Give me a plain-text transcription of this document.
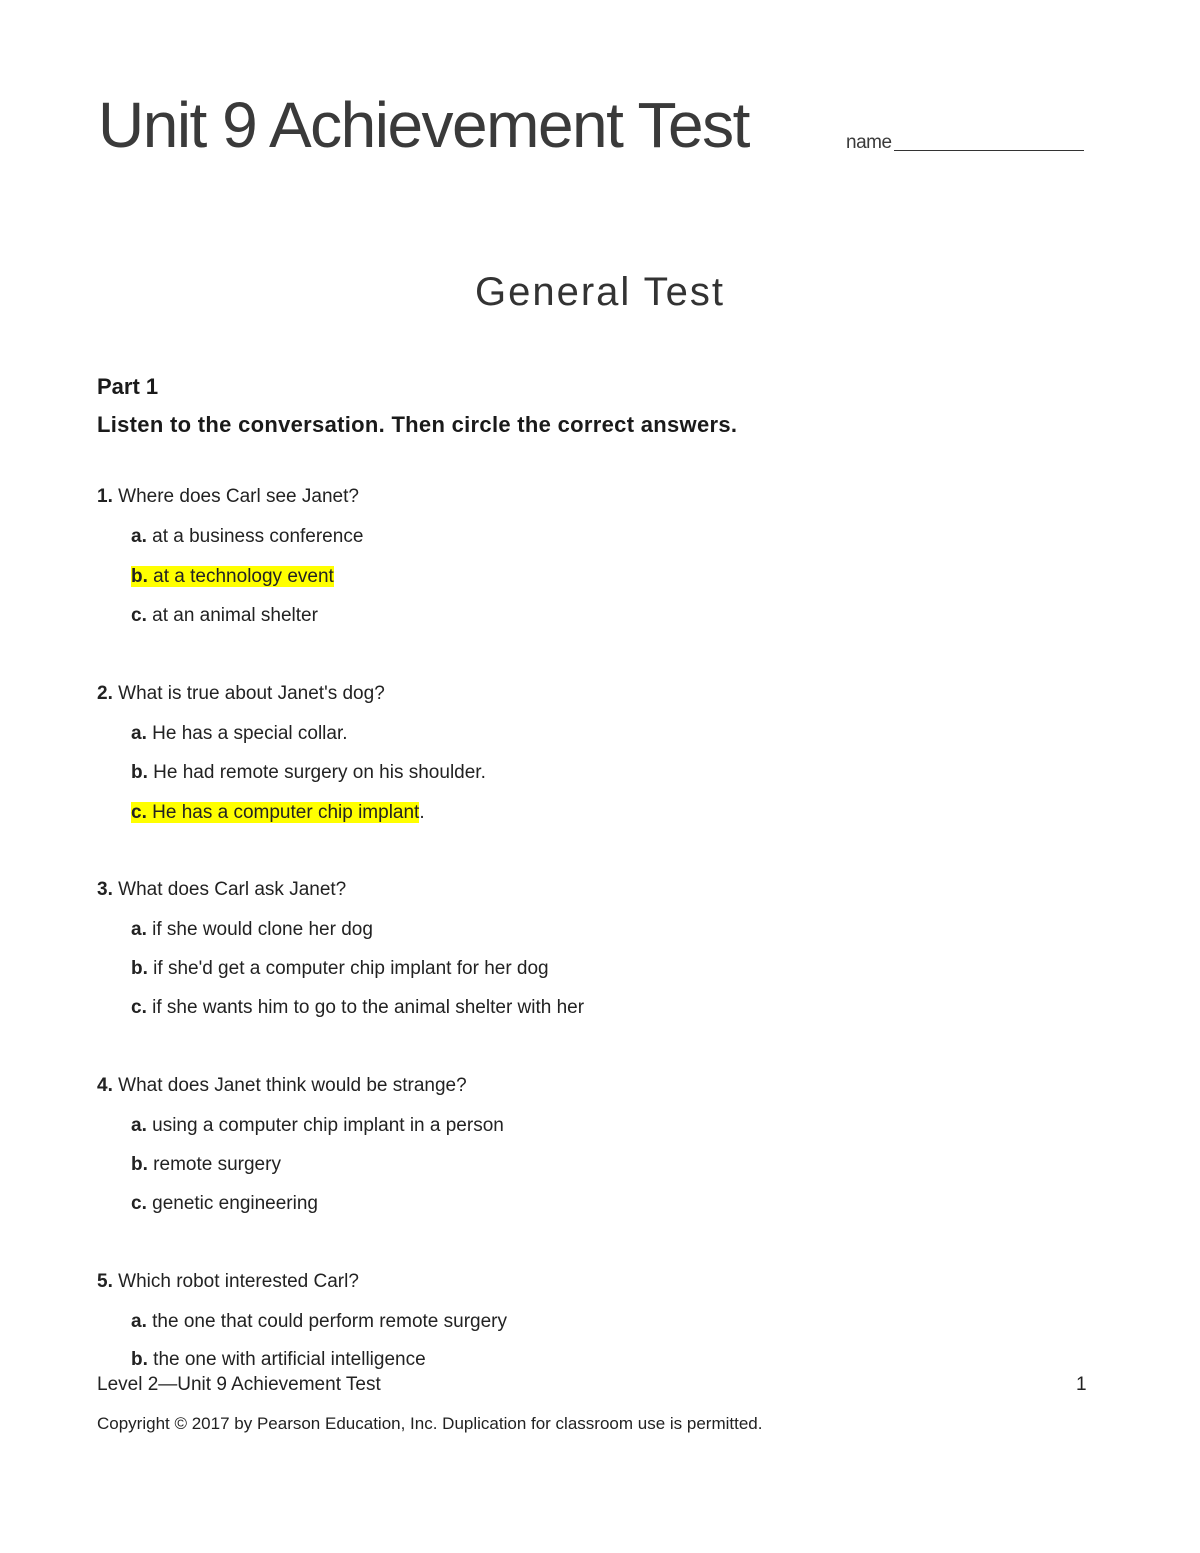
Unit 9 Achievement Test	name
General Test
Part 1
Listen to the conversation. Then circle the correct answers.
1. Where does Carl see Janet?
a. at a business conference
b. at a technology event
c. at an animal shelter
2. What is true about Janet's dog?
a. He has a special collar.
b. He had remote surgery on his shoulder.
c. He has a computer chip implant.
3. What does Carl ask Janet?
a. if she would clone her dog
b. if she'd get a computer chip implant for her dog
c. if she wants him to go to the animal shelter with her
4. What does Janet think would be strange?
a. using a computer chip implant in a person
b. remote surgery
c. genetic engineering
5. Which robot interested Carl?
a. the one that could perform remote surgery
b. the one with artificial intelligence
Level 2—Unit 9 Achievement Test	1
Copyright © 2017 by Pearson Education, Inc. Duplication for classroom use is permitted.
